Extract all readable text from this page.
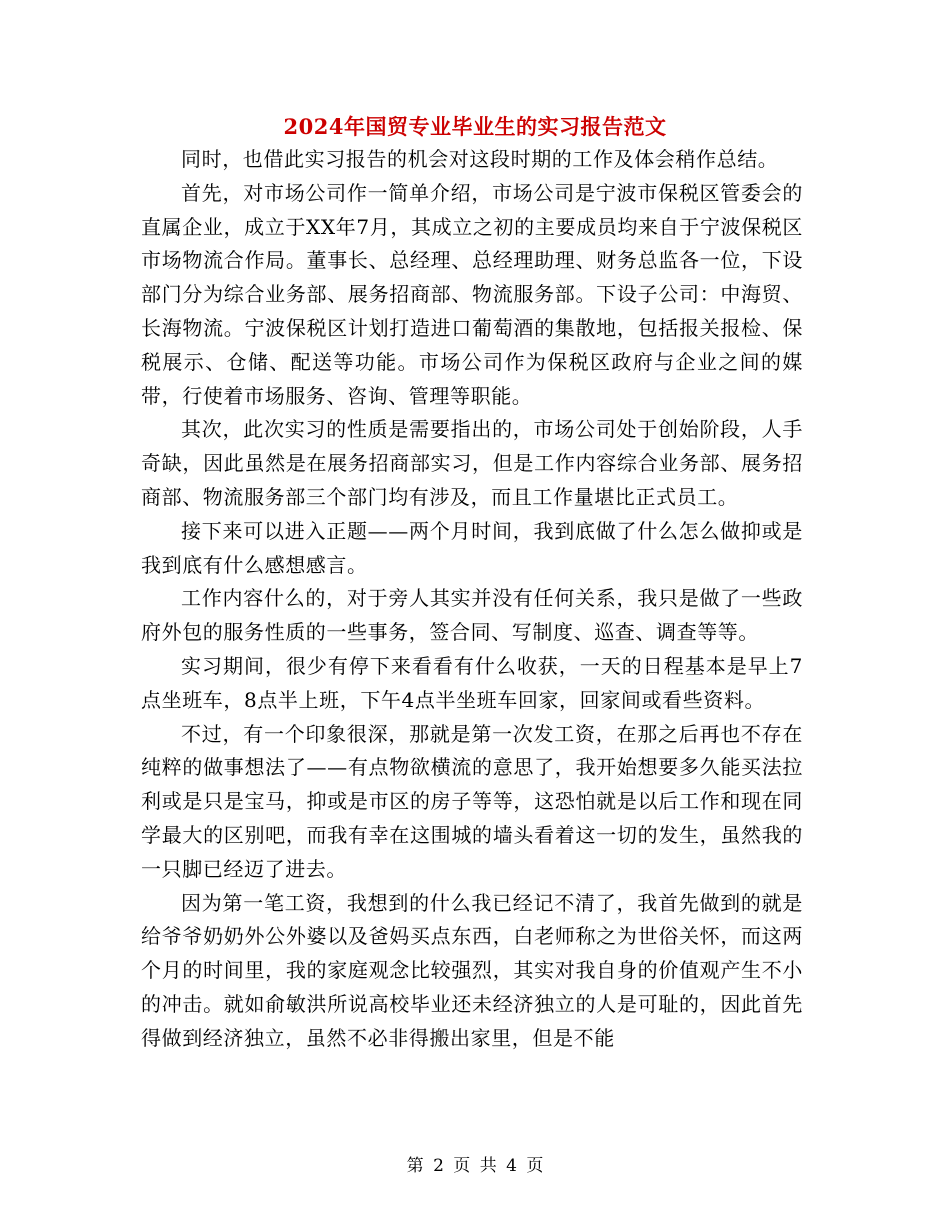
2024年国贸专业毕业生的实习报告范文

同时，也借此实习报告的机会对这段时期的工作及体会稍作总结。

首先，对市场公司作一简单介绍，市场公司是宁波市保税区管委会的直属企业，成立于XX年7月，其成立之初的主要成员均来自于宁波保税区市场物流合作局。董事长、总经理、总经理助理、财务总监各一位，下设部门分为综合业务部、展务招商部、物流服务部。下设子公司：中海贸、长海物流。宁波保税区计划打造进口葡萄酒的集散地，包括报关报检、保税展示、仓储、配送等功能。市场公司作为保税区政府与企业之间的媒带，行使着市场服务、咨询、管理等职能。

其次，此次实习的性质是需要指出的，市场公司处于创始阶段，人手奇缺，因此虽然是在展务招商部实习，但是工作内容综合业务部、展务招商部、物流服务部三个部门均有涉及，而且工作量堪比正式员工。

接下来可以进入正题——两个月时间，我到底做了什么怎么做抑或是我到底有什么感想感言。

工作内容什么的，对于旁人其实并没有任何关系，我只是做了一些政府外包的服务性质的一些事务，签合同、写制度、巡查、调查等等。

实习期间，很少有停下来看看有什么收获，一天的日程基本是早上7点坐班车，8点半上班，下午4点半坐班车回家，回家间或看些资料。

不过，有一个印象很深，那就是第一次发工资，在那之后再也不存在纯粹的做事想法了——有点物欲横流的意思了，我开始想要多久能买法拉利或是只是宝马，抑或是市区的房子等等，这恐怕就是以后工作和现在同学最大的区别吧，而我有幸在这围城的墙头看着这一切的发生，虽然我的一只脚已经迈了进去。

因为第一笔工资，我想到的什么我已经记不清了，我首先做到的就是给爷爷奶奶外公外婆以及爸妈买点东西，白老师称之为世俗关怀，而这两个月的时间里，我的家庭观念比较强烈，其实对我自身的价值观产生不小的冲击。就如俞敏洪所说高校毕业还未经济独立的人是可耻的，因此首先得做到经济独立，虽然不必非得搬出家里，但是不能

第 2 页 共 4 页
